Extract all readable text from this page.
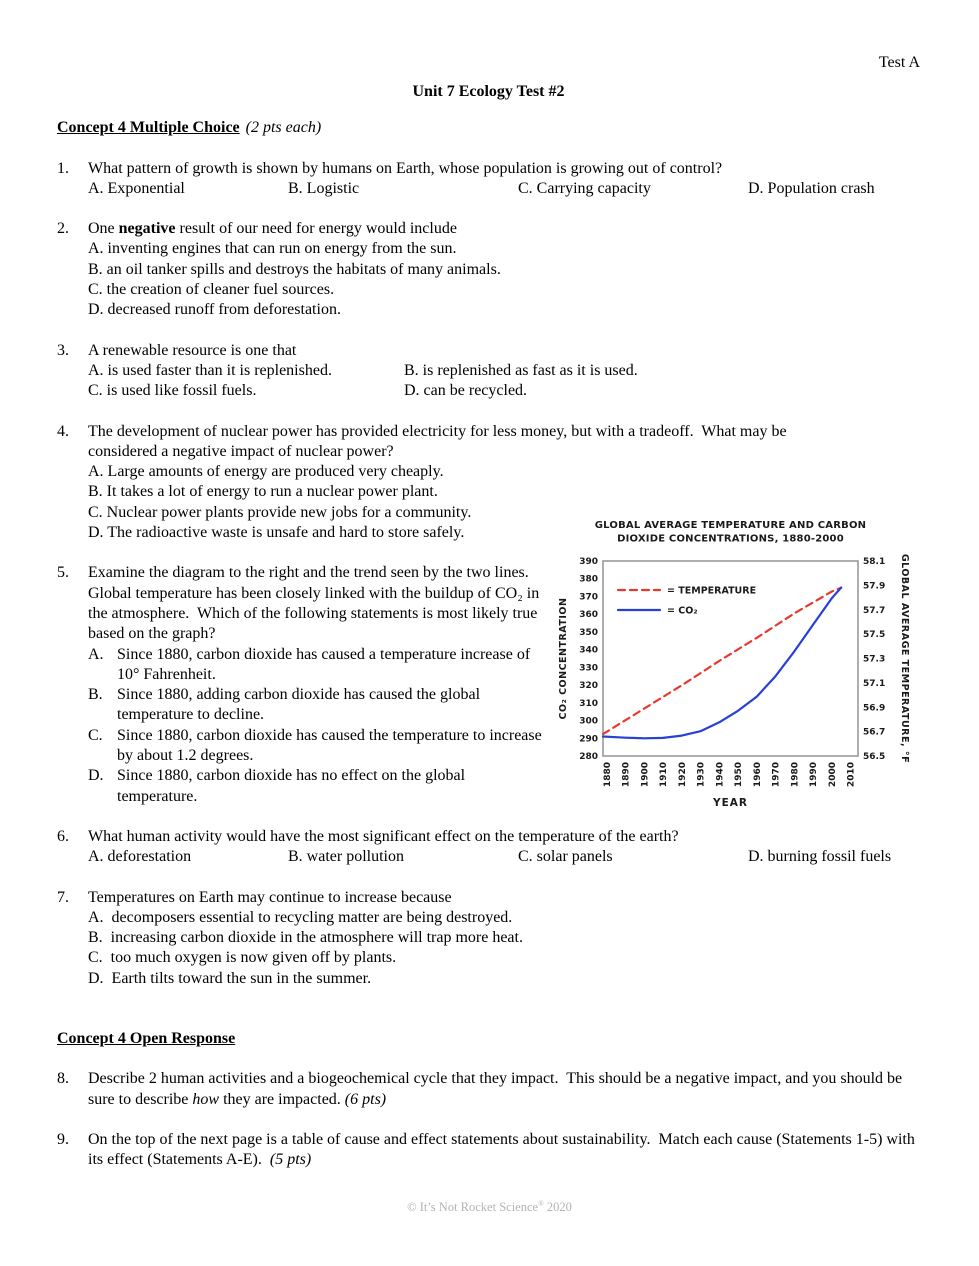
Test A
Unit 7 Ecology Test #2
Concept 4 Multiple Choice (2 pts each)
1.	What pattern of growth is shown by humans on Earth, whose population is growing out of control?
A. Exponential	B. Logistic	C. Carrying capacity	D. Population crash
2.	One negative result of our need for energy would include
A. inventing engines that can run on energy from the sun.
B. an oil tanker spills and destroys the habitats of many animals.
C. the creation of cleaner fuel sources.
D. decreased runoff from deforestation.
3.	A renewable resource is one that
A. is used faster than it is replenished.	B. is replenished as fast as it is used.
C. is used like fossil fuels.	D. can be recycled.
4.	The development of nuclear power has provided electricity for less money, but with a tradeoff.  What may be considered a negative impact of nuclear power?
A. Large amounts of energy are produced very cheaply.
B. It takes a lot of energy to run a nuclear power plant.
C. Nuclear power plants provide new jobs for a community.
D. The radioactive waste is unsafe and hard to store safely.
5.	Examine the diagram to the right and the trend seen by the two lines.  Global temperature has been closely linked with the buildup of CO₂ in the atmosphere.  Which of the following statements is most likely true based on the graph?
A. Since 1880, carbon dioxide has caused a temperature increase of 10° Fahrenheit.
B. Since 1880, adding carbon dioxide has caused the global temperature to decline.
C. Since 1880, carbon dioxide has caused the temperature to increase by about 1.2 degrees.
D. Since 1880, carbon dioxide has no effect on the global temperature.
6.	What human activity would have the most significant effect on the temperature of the earth?
A. deforestation	B. water pollution	C. solar panels	D. burning fossil fuels
7.	Temperatures on Earth may continue to increase because
A.  decomposers essential to recycling matter are being destroyed.
B.  increasing carbon dioxide in the atmosphere will trap more heat.
C.  too much oxygen is now given off by plants.
D.  Earth tilts toward the sun in the summer.
Concept 4 Open Response
8.	Describe 2 human activities and a biogeochemical cycle that they impact.  This should be a negative impact, and you should be sure to describe how they are impacted. (6 pts)
9.	On the top of the next page is a table of cause and effect statements about sustainability.  Match each cause (Statements 1-5) with its effect (Statements A-E).  (5 pts)
GLOBAL AVERAGE TEMPERATURE AND CARBON
DIOXIDE CONCENTRATIONS, 1880-2000
390
380
370
360
350
340
330
320
310
300
290
280
58.1
57.9
57.7
57.5
57.3
57.1
56.9
56.7
56.5
1880 1890 1900 1910 1920 1930 1940 1950 1960 1970 1980 1990 2000 2010
YEAR
CO₂ CONCENTRATION	GLOBAL AVERAGE TEMPERATURE, °F
= TEMPERATURE
= CO₂
© It’s Not Rocket Science® 2020
